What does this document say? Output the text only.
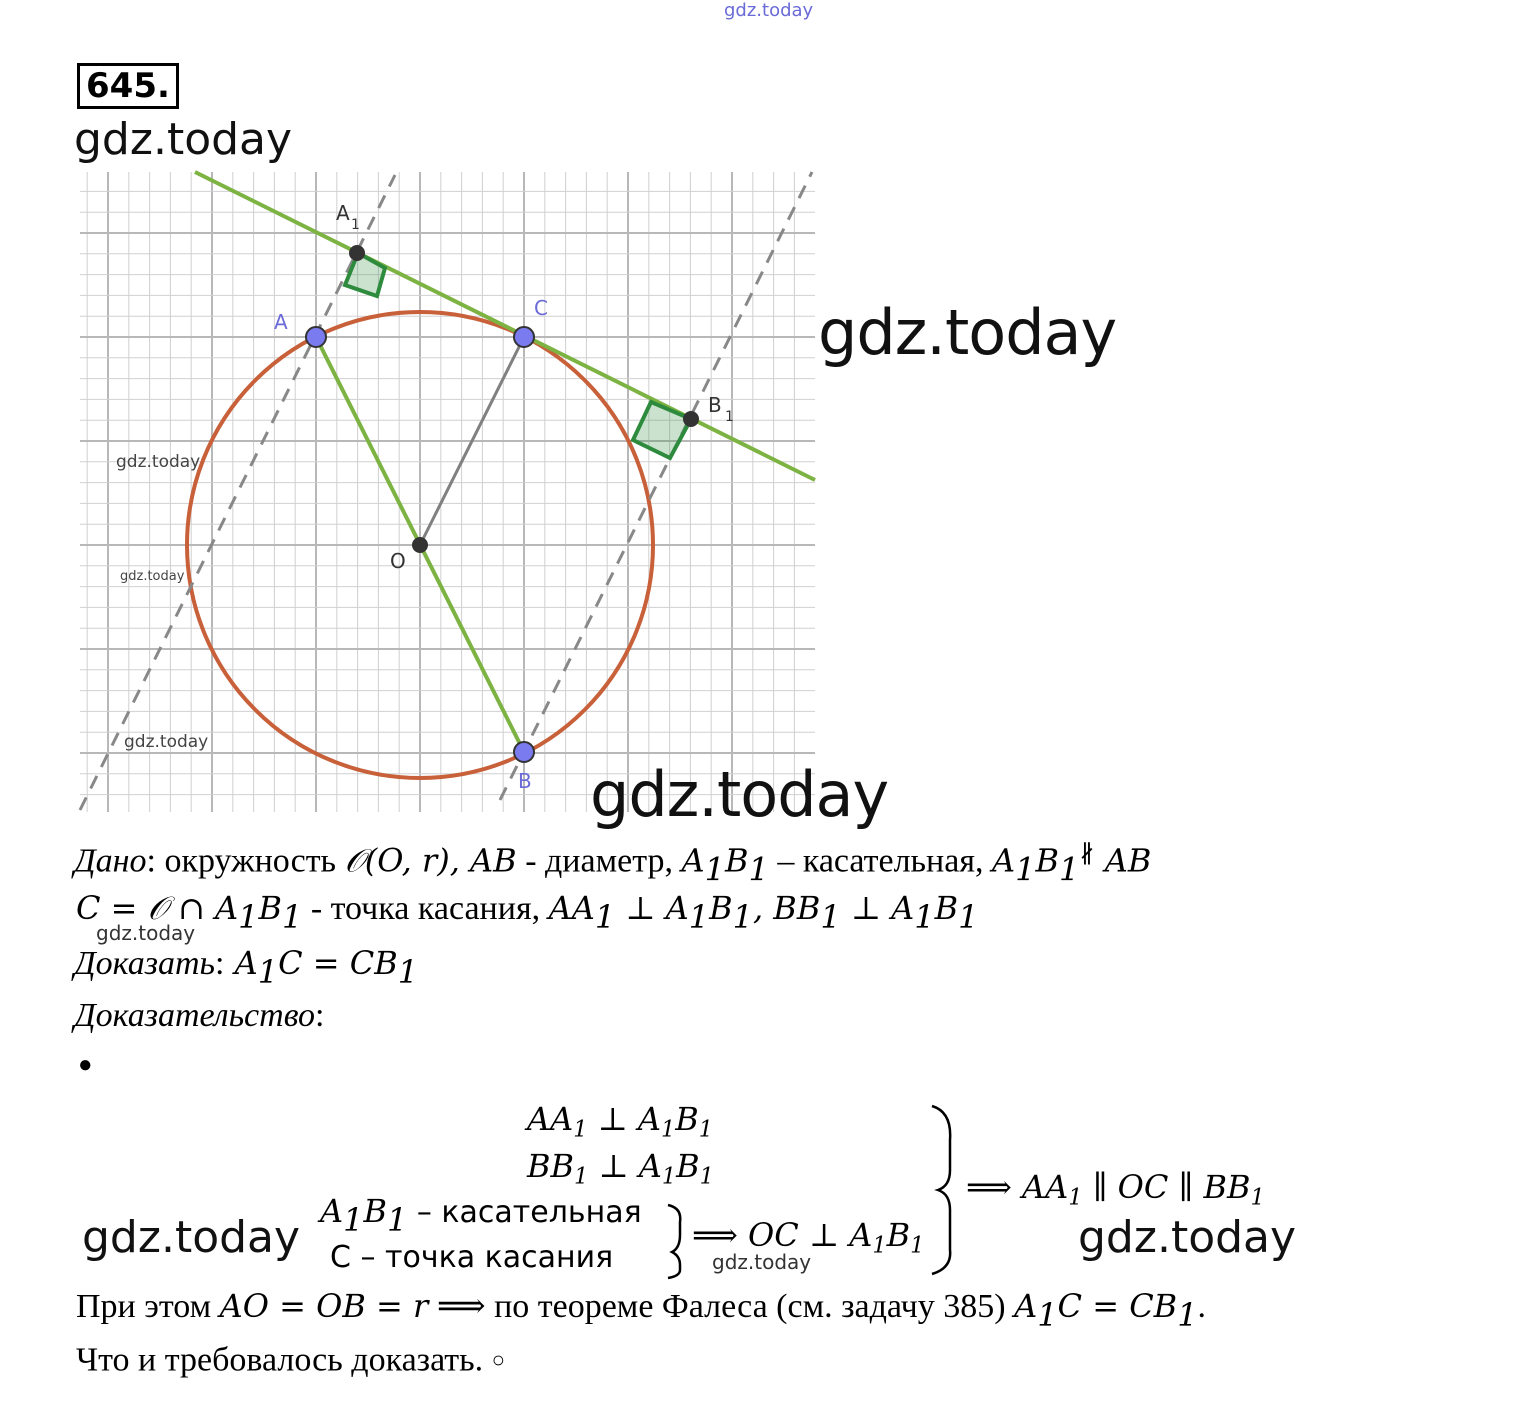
gdz.today
645.
gdz.today
A 1
A
C
B 1
O
B
gdz.today
gdz.today
gdz.today
gdz.today
gdz.today
Дано: окружность 𝒪(O, r), AB - диаметр, $A_1B_1$ – касательная, $A_1B_1^∦$ AB
C = 𝒪 ∩ $A_1B_1$ - точка касания, $AA_1$ ⊥ $A_1B_1$, $BB_1$ ⊥ $A_1B_1$
gdz.today
Доказать: $A_1C = CB_1$
Доказательство:
●
$AA_1$ ⊥ $A_1B_1$
$BB_1$ ⊥ $A_1B_1$
$A_1B_1$ – касательная
C – точка касания
⟹ OC ⊥ $A_1B_1$
⟹ $AA_1$ ∥ OC ∥ $BB_1$
gdz.today	gdz.today	gdz.today
При этом AO = OB = r ⟹ по теореме Фалеса (см. задачу 385) $A_1C = CB_1$.
Что и требовалось доказать. ○
